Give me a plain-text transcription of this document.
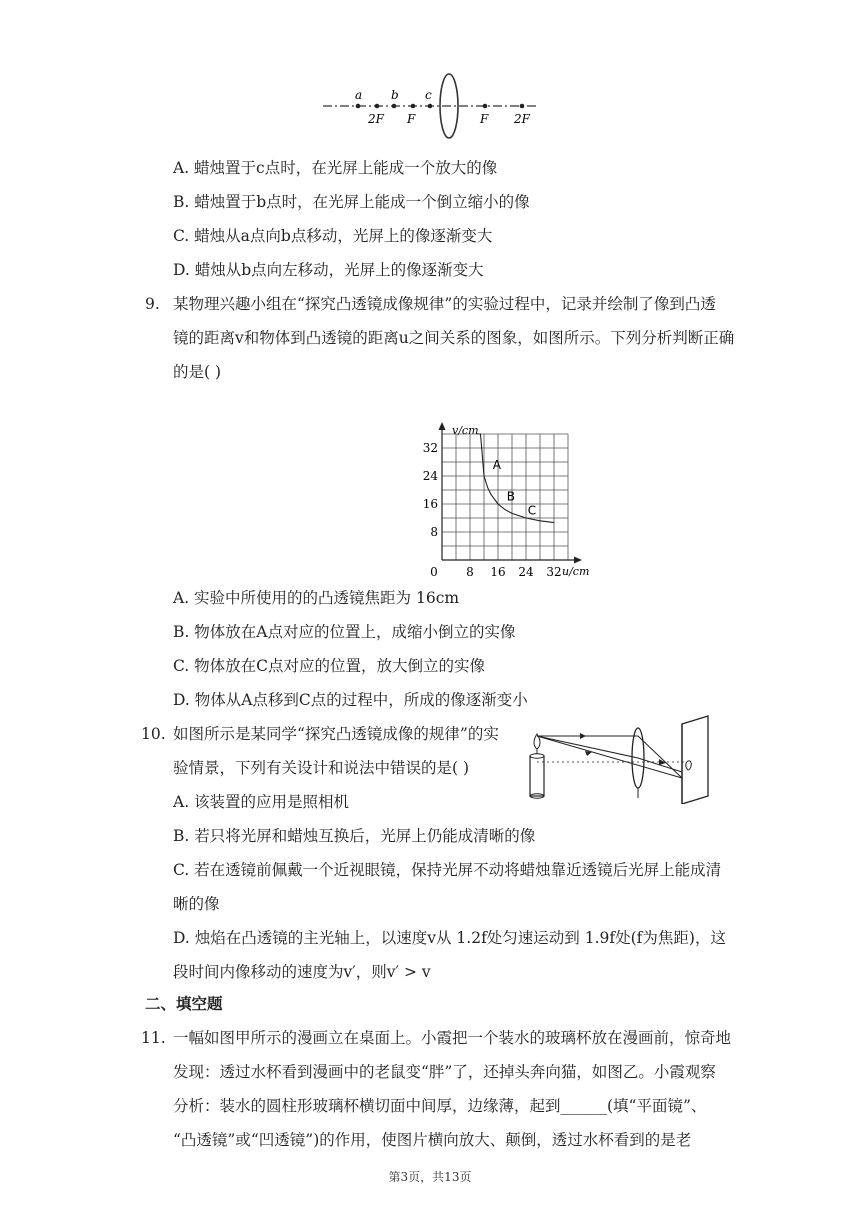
a b c
2F F	F 2F
A. 蜡烛置于c点时，在光屏上能成一个放大的像
B. 蜡烛置于b点时，在光屏上能成一个倒立缩小的像
C. 蜡烛从a点向b点移动，光屏上的像逐渐变大
D. 蜡烛从b点向左移动，光屏上的像逐渐变大
9. 某物理兴趣小组在“探究凸透镜成像规律”的实验过程中，记录并绘制了像到凸透
镜的距离v和物体到凸透镜的距离u之间关系的图象，如图所示。下列分析判断正确
的是( )
0 8 16 24 32
8
16
24
32
A
B
C
v/cm
u/cm
A. 实验中所使用的的凸透镜焦距为 16cm
B. 物体放在A点对应的位置上，成缩小倒立的实像
C. 物体放在C点对应的位置，放大倒立的实像
D. 物体从A点移到C点的过程中，所成的像逐渐变小
10. 如图所示是某同学“探究凸透镜成像的规律”的实
验情景，下列有关设计和说法中错误的是( )
A. 该装置的应用是照相机
B. 若只将光屏和蜡烛互换后，光屏上仍能成清晰的像
C. 若在透镜前佩戴一个近视眼镜，保持光屏不动将蜡烛靠近透镜后光屏上能成清
晰的像
D. 烛焰在凸透镜的主光轴上，以速度v从 1.2f处匀速运动到 1.9f处(f为焦距)，这
段时间内像移动的速度为v′，则v′ > v
二、填空题
11. 一幅如图甲所示的漫画立在桌面上。小霞把一个装水的玻璃杯放在漫画前，惊奇地
发现：透过水杯看到漫画中的老鼠变“胖”了，还掉头奔向猫，如图乙。小霞观察
分析：装水的圆柱形玻璃杯横切面中间厚，边缘薄，起到______(填“平面镜”、
“凸透镜”或“凹透镜”)的作用，使图片横向放大、颠倒，透过水杯看到的是老
第3页，共13页
